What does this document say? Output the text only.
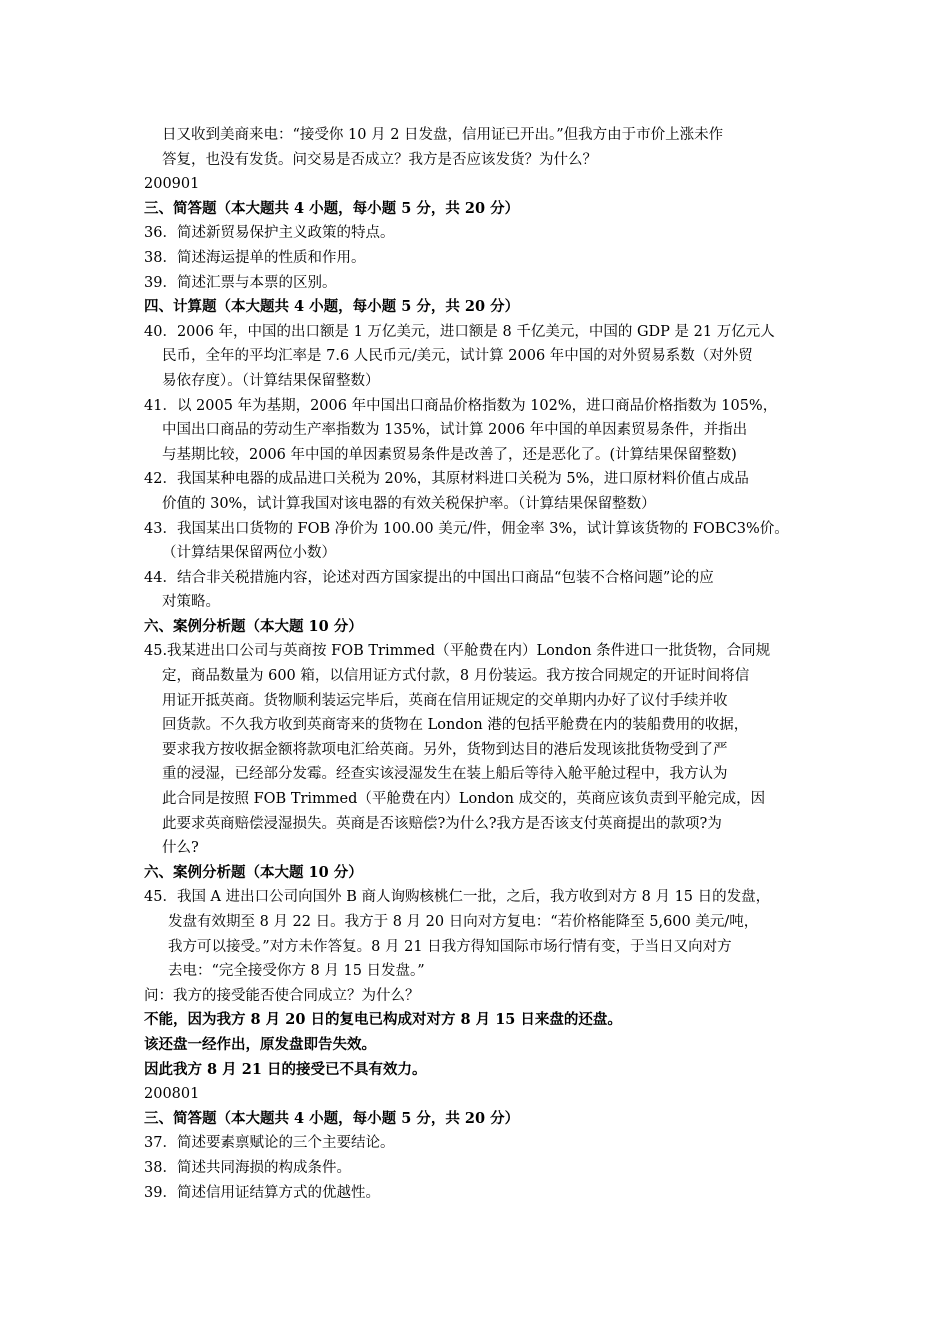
日又收到美商来电：“接受你 10 月 2 日发盘，信用证已开出。”但我方由于市价上涨未作
答复，也没有发货。问交易是否成立？我方是否应该发货？为什么？
200901
三、简答题（本大题共 4 小题，每小题 5 分，共 20 分）
36．简述新贸易保护主义政策的特点。
38．简述海运提单的性质和作用。
39．简述汇票与本票的区别。
四、计算题（本大题共 4 小题，每小题 5 分，共 20 分）
40．2006 年，中国的出口额是 1 万亿美元，进口额是 8 千亿美元，中国的 GDP 是 21 万亿元人
民币，全年的平均汇率是 7.6 人民币元/美元，试计算 2006 年中国的对外贸易系数（对外贸
易依存度）。（计算结果保留整数）
41．以 2005 年为基期，2006 年中国出口商品价格指数为 102%，进口商品价格指数为 105%，
中国出口商品的劳动生产率指数为 135%，试计算 2006 年中国的单因素贸易条件，并指出
与基期比较，2006 年中国的单因素贸易条件是改善了，还是恶化了。(计算结果保留整数)
42．我国某种电器的成品进口关税为 20%，其原材料进口关税为 5%，进口原材料价值占成品
价值的 30%，试计算我国对该电器的有效关税保护率。（计算结果保留整数）
43．我国某出口货物的 FOB 净价为 100.00 美元/件，佣金率 3%，试计算该货物的 FOBC3%价。
（计算结果保留两位小数）
44．结合非关税措施内容，论述对西方国家提出的中国出口商品“包装不合格问题”论的应
对策略。
六、案例分析题（本大题 10 分）
45.我某进出口公司与英商按 FOB Trimmed（平舱费在内）London 条件进口一批货物，合同规
定，商品数量为 600 箱，以信用证方式付款，8 月份装运。我方按合同规定的开证时间将信
用证开抵英商。货物顺利装运完毕后，英商在信用证规定的交单期内办好了议付手续并收
回货款。不久我方收到英商寄来的货物在 London 港的包括平舱费在内的装船费用的收据，
要求我方按收据金额将款项电汇给英商。另外，货物到达目的港后发现该批货物受到了严
重的浸湿，已经部分发霉。经查实该浸湿发生在装上船后等待入舱平舱过程中，我方认为
此合同是按照 FOB Trimmed（平舱费在内）London 成交的，英商应该负责到平舱完成，因
此要求英商赔偿浸湿损失。英商是否该赔偿?为什么?我方是否该支付英商提出的款项?为
什么?
六、案例分析题（本大题 10 分）
45．我国 A 进出口公司向国外 B 商人询购核桃仁一批，之后，我方收到对方 8 月 15 日的发盘，
发盘有效期至 8 月 22 日。我方于 8 月 20 日向对方复电：“若价格能降至 5,600 美元/吨，
我方可以接受。”对方未作答复。8 月 21 日我方得知国际市场行情有变，于当日又向对方
去电：“完全接受你方 8 月 15 日发盘。”
问：我方的接受能否使合同成立？为什么？
不能，因为我方 8 月 20 日的复电已构成对对方 8 月 15 日来盘的还盘。
该还盘一经作出，原发盘即告失效。
因此我方 8 月 21 日的接受已不具有效力。
200801
三、简答题（本大题共 4 小题，每小题 5 分，共 20 分）
37．简述要素禀赋论的三个主要结论。
38．简述共同海损的构成条件。
39．简述信用证结算方式的优越性。
